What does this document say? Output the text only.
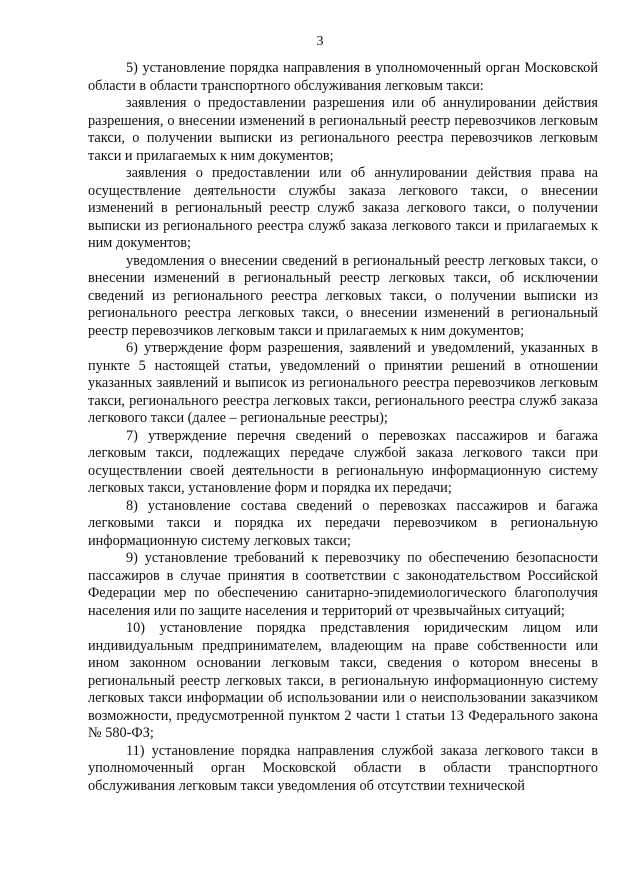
3

5) установление порядка направления в уполномоченный орган Московской области в области транспортного обслуживания легковым такси:

заявления о предоставлении разрешения или об аннулировании действия разрешения, о внесении изменений в региональный реестр перевозчиков легковым такси, о получении выписки из регионального реестра перевозчиков легковым такси и прилагаемых к ним документов;

заявления о предоставлении или об аннулировании действия права на осуществление деятельности службы заказа легкового такси, о внесении изменений в региональный реестр служб заказа легкового такси, о получении выписки из регионального реестра служб заказа легкового такси и прилагаемых к ним документов;

уведомления о внесении сведений в региональный реестр легковых такси, о внесении изменений в региональный реестр легковых такси, об исключении сведений из регионального реестра легковых такси, о получении выписки из регионального реестра легковых такси, о внесении изменений в региональный реестр перевозчиков легковым такси и прилагаемых к ним документов;

6) утверждение форм разрешения, заявлений и уведомлений, указанных в пункте 5 настоящей статьи, уведомлений о принятии решений в отношении указанных заявлений и выписок из регионального реестра перевозчиков легковым такси, регионального реестра легковых такси, регионального реестра служб заказа легкового такси (далее – региональные реестры);

7) утверждение перечня сведений о перевозках пассажиров и багажа легковым такси, подлежащих передаче службой заказа легкового такси при осуществлении своей деятельности в региональную информационную систему легковых такси, установление форм и порядка их передачи;

8) установление состава сведений о перевозках пассажиров и багажа легковыми такси и порядка их передачи перевозчиком в региональную информационную систему легковых такси;

9) установление требований к перевозчику по обеспечению безопасности пассажиров в случае принятия в соответствии с законодательством Российской Федерации мер по обеспечению санитарно-эпидемиологического благополучия населения или по защите населения и территорий от чрезвычайных ситуаций;

10) установление порядка представления юридическим лицом или индивидуальным предпринимателем, владеющим на праве собственности или ином законном основании легковым такси, сведения о котором внесены в региональный реестр легковых такси, в региональную информационную систему легковых такси информации об использовании или о неиспользовании заказчиком возможности, предусмотренной пунктом 2 части 1 статьи 13 Федерального закона № 580-ФЗ;

11) установление порядка направления службой заказа легкового такси в уполномоченный орган Московской области в области транспортного обслуживания легковым такси уведомления об отсутствии технической
